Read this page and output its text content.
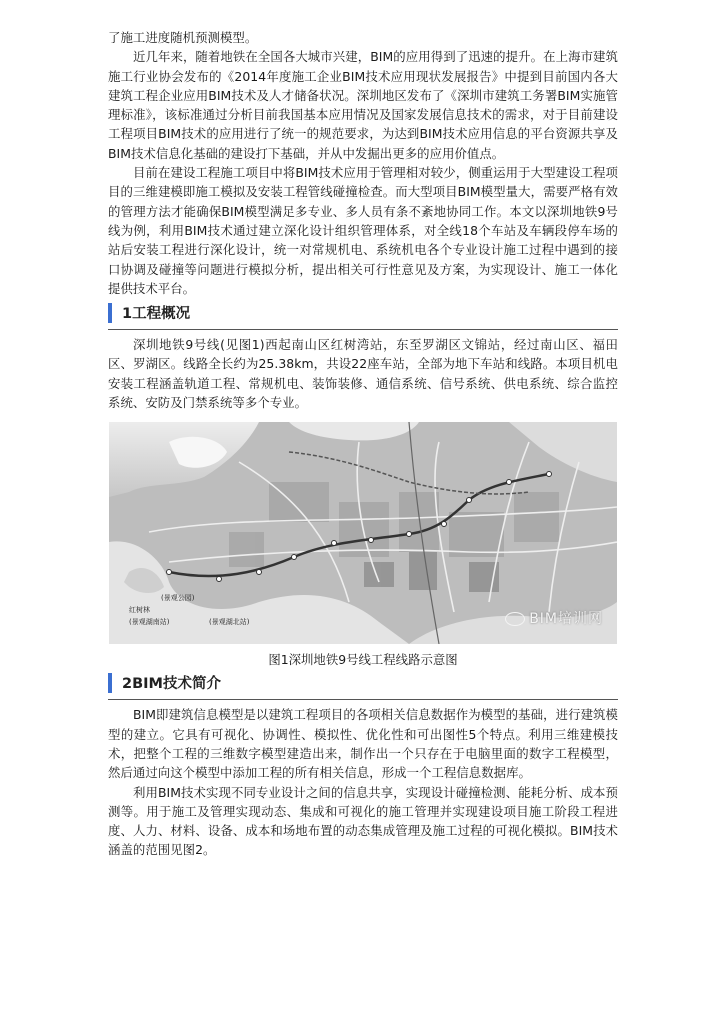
了施工进度随机预测模型。

近几年来，随着地铁在全国各大城市兴建，BIM的应用得到了迅速的提升。在上海市建筑施工行业协会发布的《2014年度施工企业BIM技术应用现状发展报告》中提到目前国内各大建筑工程企业应用BIM技术及人才储备状况。深圳地区发布了《深圳市建筑工务署BIM实施管理标准》，该标准通过分析目前我国基本应用情况及国家发展信息技术的需求，对于目前建设工程项目BIM技术的应用进行了统一的规范要求，为达到BIM技术应用信息的平台资源共享及BIM技术信息化基础的建设打下基础，并从中发掘出更多的应用价值点。

目前在建设工程施工项目中将BIM技术应用于管理相对较少，侧重运用于大型建设工程项目的三维建模即施工模拟及安装工程管线碰撞检查。而大型项目BIM模型量大，需要严格有效的管理方法才能确保BIM模型满足多专业、多人员有条不紊地协同工作。本文以深圳地铁9号线为例，利用BIM技术通过建立深化设计组织管理体系，对全线18个车站及车辆段停车场的站后安装工程进行深化设计，统一对常规机电、系统机电各个专业设计施工过程中遇到的接口协调及碰撞等问题进行模拟分析，提出相关可行性意见及方案，为实现设计、施工一体化提供技术平台。

1工程概况

深圳地铁9号线(见图1)西起南山区红树湾站，东至罗湖区文锦站，经过南山区、福田区、罗湖区。线路全长约为25.38km，共设22座车站，全部为地下车站和线路。本项目机电安装工程涵盖轨道工程、常规机电、装饰装修、通信系统、信号系统、供电系统、综合监控系统、安防及门禁系统等多个专业。

(景观公园)
红树林
(景观湖南站)	(景观湖北站)	BIM培训网
图1深圳地铁9号线工程线路示意图
2BIM技术简介

BIM即建筑信息模型是以建筑工程项目的各项相关信息数据作为模型的基础，进行建筑模型的建立。它具有可视化、协调性、模拟性、优化性和可出图性5个特点。利用三维建模技术，把整个工程的三维数字模型建造出来，制作出一个只存在于电脑里面的数字工程模型，然后通过向这个模型中添加工程的所有相关信息，形成一个工程信息数据库。

利用BIM技术实现不同专业设计之间的信息共享，实现设计碰撞检测、能耗分析、成本预测等。用于施工及管理实现动态、集成和可视化的施工管理并实现建设项目施工阶段工程进度、人力、材料、设备、成本和场地布置的动态集成管理及施工过程的可视化模拟。BIM技术涵盖的范围见图2。
